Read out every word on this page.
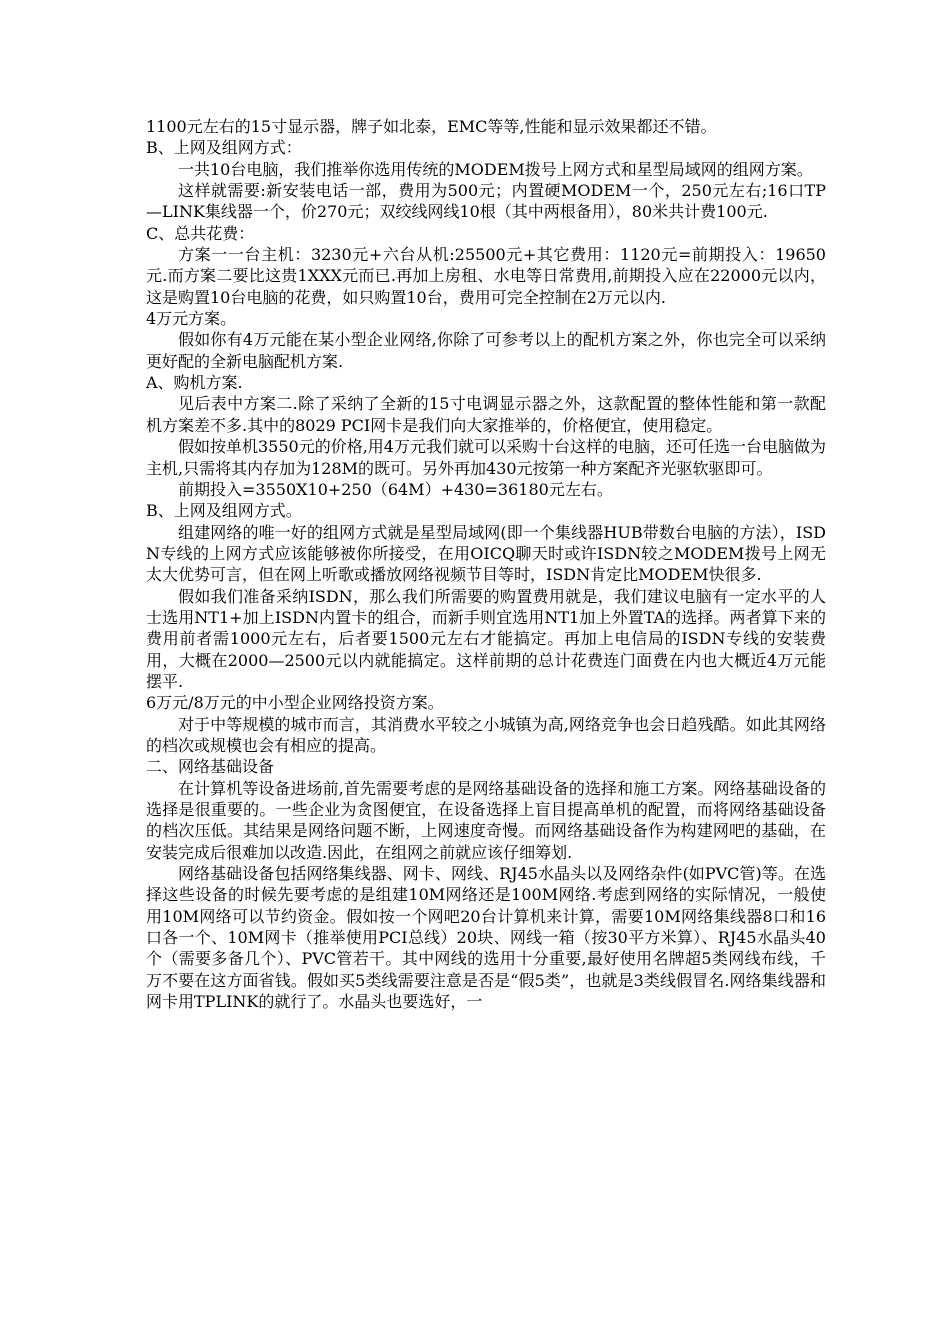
1100元左右的15寸显示器，牌子如北泰，EMC等等,性能和显示效果都还不错。

B、上网及组网方式：

一共10台电脑，我们推举你选用传统的MODEM拨号上网方式和星型局域网的组网方案。

这样就需要:新安装电话一部，费用为500元；内置硬MODEM一个，250元左右;16口TP—LINK集线器一个，价270元；双绞线网线10根（其中两根备用），80米共计费100元.

C、总共花费：

方案一一台主机：3230元+六台从机:25500元+其它费用：1120元=前期投入：19650元.而方案二要比这贵1XXX元而已.再加上房租、水电等日常费用,前期投入应在22000元以内，这是购置10台电脑的花费，如只购置10台，费用可完全控制在2万元以内.

4万元方案。

假如你有4万元能在某小型企业网络,你除了可参考以上的配机方案之外，你也完全可以采纳更好配的全新电脑配机方案.

A、购机方案.

见后表中方案二.除了采纳了全新的15寸电调显示器之外，这款配置的整体性能和第一款配机方案差不多.其中的8029 PCI网卡是我们向大家推举的，价格便宜，使用稳定。

假如按单机3550元的价格,用4万元我们就可以采购十台这样的电脑，还可任选一台电脑做为主机,只需将其内存加为128M的既可。另外再加430元按第一种方案配齐光驱软驱即可。

前期投入=3550X10+250（64M）+430=36180元左右。

B、上网及组网方式。

组建网络的唯一好的组网方式就是星型局域网(即一个集线器HUB带数台电脑的方法），ISDN专线的上网方式应该能够被你所接受，在用OICQ聊天时或许ISDN较之MODEM拨号上网无太大优势可言，但在网上听歌或播放网络视频节目等时，ISDN肯定比MODEM快很多.

假如我们准备采纳ISDN，那么我们所需要的购置费用就是，我们建议电脑有一定水平的人士选用NT1+加上ISDN内置卡的组合，而新手则宜选用NT1加上外置TA的选择。两者算下来的费用前者需1000元左右，后者要1500元左右才能搞定。再加上电信局的ISDN专线的安装费用，大概在2000—2500元以内就能搞定。这样前期的总计花费连门面费在内也大概近4万元能摆平.

6万元/8万元的中小型企业网络投资方案。

对于中等规模的城市而言，其消费水平较之小城镇为高,网络竞争也会日趋残酷。如此其网络的档次或规模也会有相应的提高。

二、网络基础设备

在计算机等设备进场前,首先需要考虑的是网络基础设备的选择和施工方案。网络基础设备的选择是很重要的。一些企业为贪图便宜，在设备选择上盲目提高单机的配置，而将网络基础设备的档次压低。其结果是网络问题不断，上网速度奇慢。而网络基础设备作为构建网吧的基础，在安装完成后很难加以改造.因此，在组网之前就应该仔细筹划.

网络基础设备包括网络集线器、网卡、网线、RJ45水晶头以及网络杂件(如PVC管)等。在选择这些设备的时候先要考虑的是组建10M网络还是100M网络.考虑到网络的实际情况，一般使用10M网络可以节约资金。假如按一个网吧20台计算机来计算，需要10M网络集线器8口和16口各一个、10M网卡（推举使用PCI总线）20块、网线一箱（按30平方米算）、RJ45水晶头40个（需要多备几个）、PVC管若干。其中网线的选用十分重要,最好使用名牌超5类网线布线，千万不要在这方面省钱。假如买5类线需要注意是否是“假5类”，也就是3类线假冒名.网络集线器和网卡用TPLINK的就行了。水晶头也要选好，一
